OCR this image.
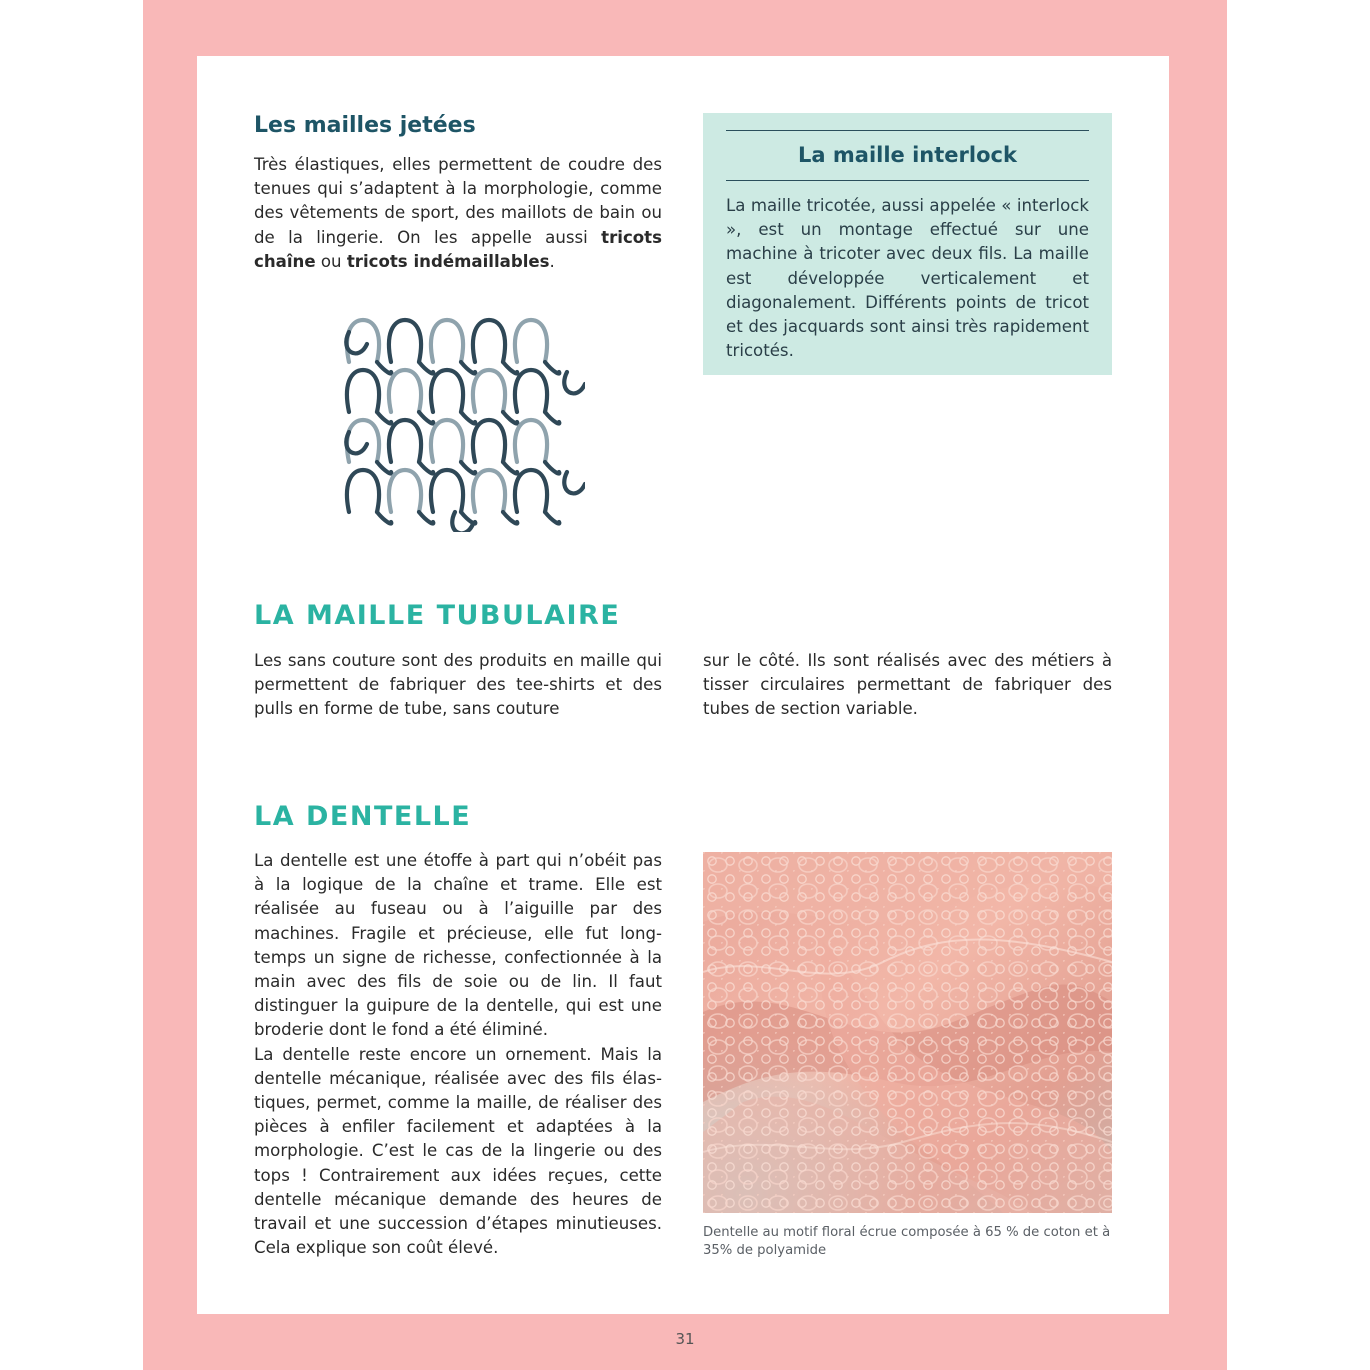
Les mailles jetées

Très élastiques, elles permettent de coudre des tenues qui s’adaptent à la morphologie, comme des vêtements de sport, des maillots de bain ou de la lingerie. On les appelle aussi tricots chaîne ou tricots indémaillables.

La maille interlock
La maille tricotée, aussi appelée « interlock », est un montage effectué sur une machine à tricoter avec deux fils. La maille est développée verticalement et diagonalement. Différents points de tricot et des jacquards sont ainsi très rapidement tricotés.
LA MAILLE TUBULAIRE

Les sans couture sont des produits en maille qui permettent de fabriquer des tee-shirts et des pulls en forme de tube, sans couture

sur le côté. Ils sont réalisés avec des métiers à tisser circulaires permettant de fabriquer des tubes de section variable.

LA DENTELLE

La dentelle est une étoffe à part qui n’obéit pas à la logique de la chaîne et trame. Elle est réalisée au fuseau ou à l’aiguille par des machines. Fragile et précieuse, elle fut longtemps un signe de richesse, confectionnée à la main avec des fils de soie ou de lin. Il faut distinguer la guipure de la dentelle, qui est une broderie dont le fond a été éliminé.

La dentelle reste encore un ornement. Mais la dentelle mécanique, réalisée avec des fils élastiques, permet, comme la maille, de réaliser des pièces à enfiler facilement et adaptées à la morphologie. C’est le cas de la lingerie ou des tops ! Contrairement aux idées reçues, cette dentelle mécanique demande des heures de travail et une succession d’étapes minutieuses. Cela explique son coût élevé.

Dentelle au motif floral écrue composée à 65 % de coton et à 35% de polyamide
31
